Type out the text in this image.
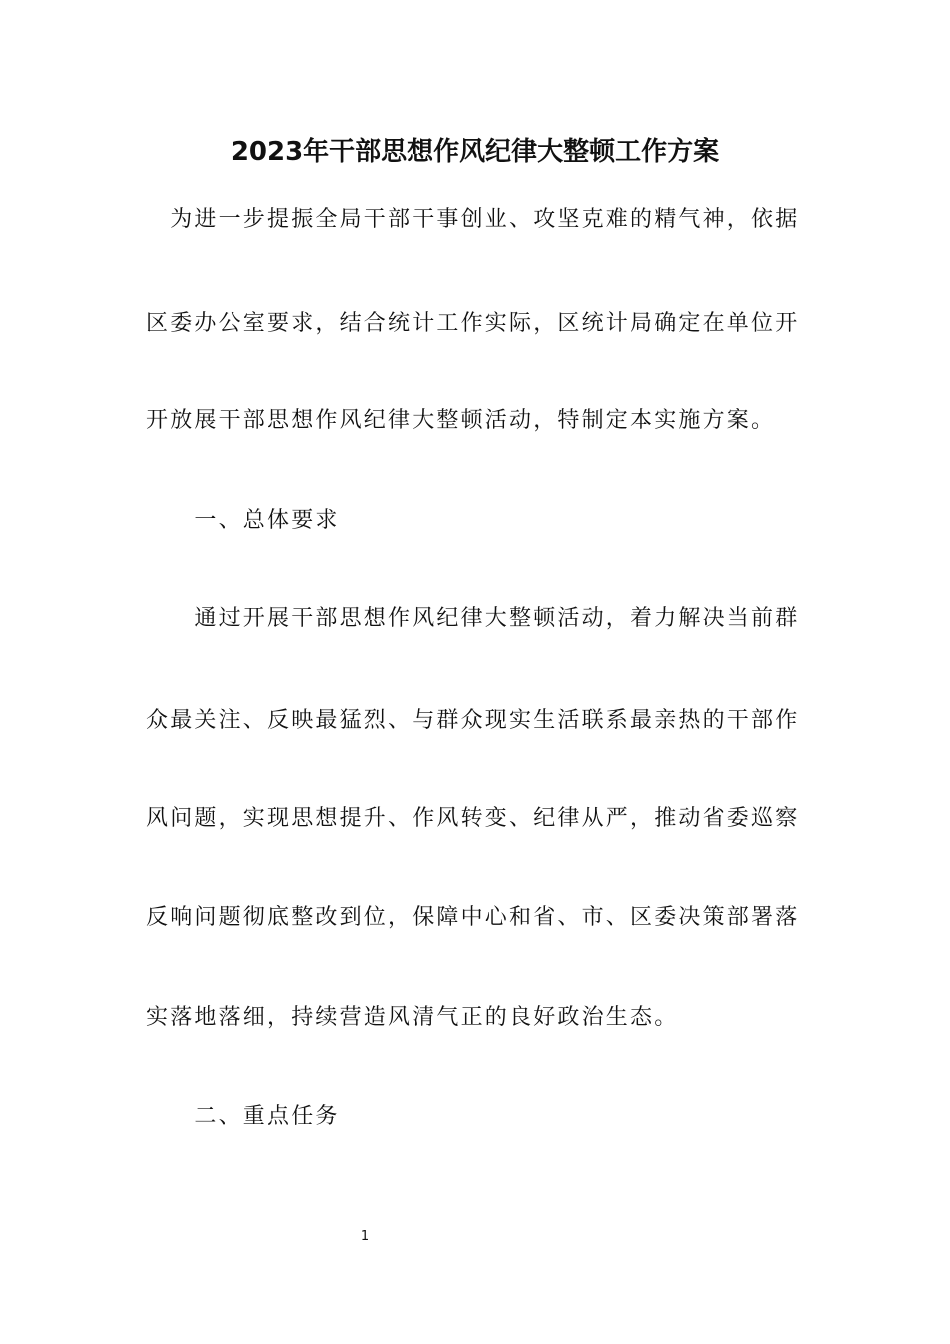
2023年干部思想作风纪律大整顿工作方案
　为进一步提振全局干部干事创业、攻坚克难的精气神，依据
区委办公室要求，结合统计工作实际，区统计局确定在单位开
开放展干部思想作风纪律大整顿活动，特制定本实施方案。
　　一、总体要求
　　通过开展干部思想作风纪律大整顿活动，着力解决当前群
众最关注、反映最猛烈、与群众现实生活联系最亲热的干部作
风问题，实现思想提升、作风转变、纪律从严，推动省委巡察
反响问题彻底整改到位，保障中心和省、市、区委决策部署落
实落地落细，持续营造风清气正的良好政治生态。
　　二、重点任务
1
